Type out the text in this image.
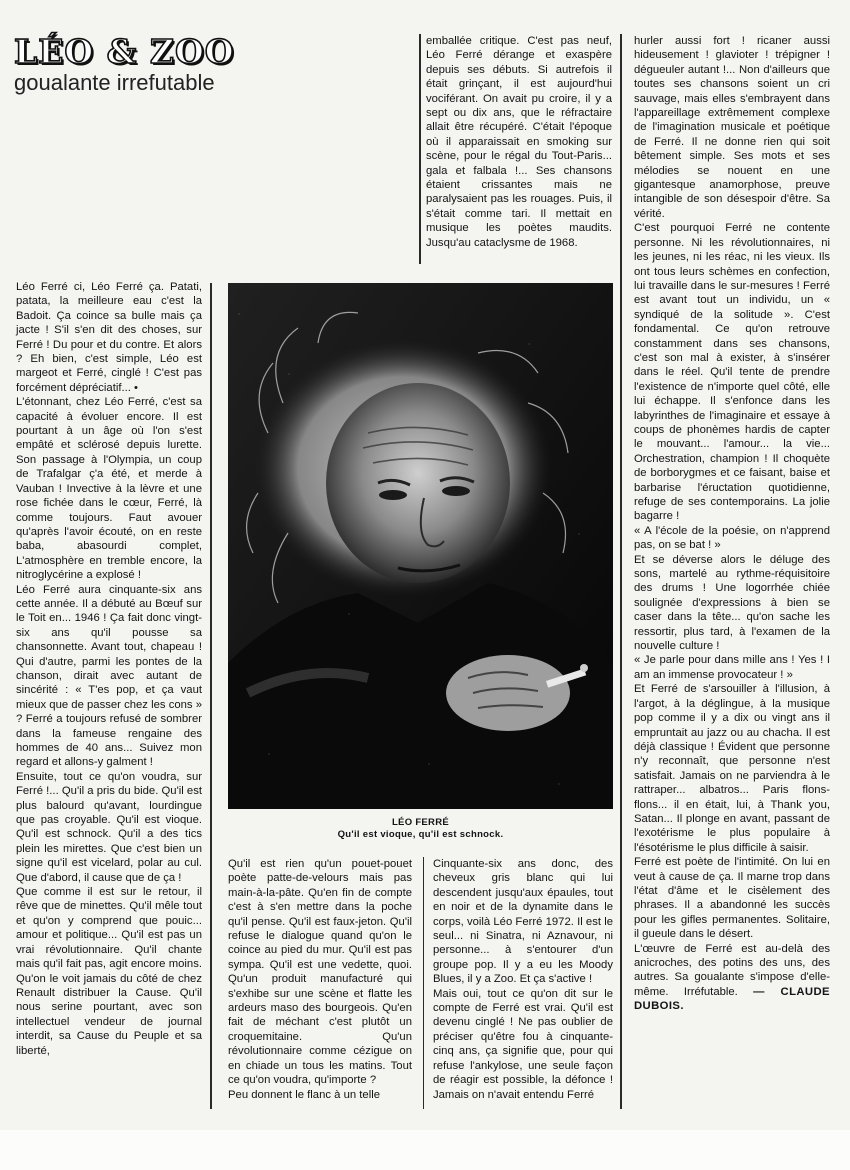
LÉO & ZOO
goualante irrefutable

emballée critique. C'est pas neuf, Léo Ferré dérange et exaspère depuis ses débuts. Si autrefois il était grinçant, il est aujourd'hui vociférant. On avait pu croire, il y a sept ou dix ans, que le réfractaire allait être récupéré. C'était l'époque où il apparaissait en smoking sur scène, pour le régal du Tout-Paris... gala et falbala !... Ses chansons étaient crissantes mais ne paralysaient pas les rouages. Puis, il s'était comme tari. Il mettait en musique les poètes maudits. Jusqu'au cataclysme de 1968.

Léo Ferré ci, Léo Ferré ça. Patati, patata, la meilleure eau c'est la Badoit. Ça coince sa bulle mais ça jacte ! S'il s'en dit des choses, sur Ferré ! Du pour et du contre. Et alors ? Eh bien, c'est simple, Léo est margeot et Ferré, cinglé ! C'est pas forcément dépréciatif... •

L'étonnant, chez Léo Ferré, c'est sa capacité à évoluer encore. Il est pourtant à un âge où l'on s'est empâté et sclérosé depuis lurette. Son passage à l'Olympia, un coup de Trafalgar ç'a été, et merde à Vauban ! Invective à la lèvre et une rose fichée dans le cœur, Ferré, là comme toujours. Faut avouer qu'après l'avoir écouté, on en reste baba, abasourdi complet, L'atmosphère en tremble encore, la nitroglycérine a explosé !

Léo Ferré aura cinquante-six ans cette année. Il a débuté au Bœuf sur le Toit en... 1946 ! Ça fait donc vingt-six ans qu'il pousse sa chansonnette. Avant tout, chapeau ! Qui d'autre, parmi les pontes de la chanson, dirait avec autant de sincérité : « T'es pop, et ça vaut mieux que de passer chez les cons » ? Ferré a toujours refusé de sombrer dans la fameuse rengaine des hommes de 40 ans... Suivez mon regard et allons-y galment !

Ensuite, tout ce qu'on voudra, sur Ferré !... Qu'il a pris du bide. Qu'il est plus balourd qu'avant, lourdingue que pas croyable. Qu'il est vioque. Qu'il est schnock. Qu'il a des tics plein les mirettes. Que c'est bien un signe qu'il est vicelard, polar au cul. Que d'abord, il cause que de ça !

Que comme il est sur le retour, il rêve que de minettes. Qu'il mêle tout et qu'on y comprend que pouic... amour et politique... Qu'il est pas un vrai révolutionnaire. Qu'il chante mais qu'il fait pas, agit encore moins. Qu'on le voit jamais du côté de chez Renault distribuer la Cause. Qu'il nous serine pourtant, avec son intellectuel vendeur de journal interdit, sa Cause du Peuple et sa liberté,

LÉO FERRÉ
Qu'il est vioque, qu'il est schnock.

Qu'il est rien qu'un pouet-pouet poète patte-de-velours mais pas main-à-la-pâte. Qu'en fin de compte c'est à s'en mettre dans la poche qu'il pense. Qu'il est faux-jeton. Qu'il refuse le dialogue quand qu'on le coince au pied du mur. Qu'il est pas sympa. Qu'il est une vedette, quoi. Qu'un produit manufacturé qui s'exhibe sur une scène et flatte les ardeurs maso des bourgeois. Qu'en fait de méchant c'est plutôt un croquemitaine. Qu'un révolutionnaire comme cézigue on en chiade un tous les matins. Tout ce qu'on voudra, qu'importe ?

Peu donnent le flanc à un telle

Cinquante-six ans donc, des cheveux gris blanc qui lui descendent jusqu'aux épaules, tout en noir et de la dynamite dans le corps, voilà Léo Ferré 1972. Il est le seul... ni Sinatra, ni Aznavour, ni personne... à s'entourer d'un groupe pop. Il y a eu les Moody Blues, il y a Zoo. Et ça s'active !

Mais oui, tout ce qu'on dit sur le compte de Ferré est vrai. Qu'il est devenu cinglé ! Ne pas oublier de préciser qu'être fou à cinquante-cinq ans, ça signifie que, pour qui refuse l'ankylose, une seule façon de réagir est possible, la défonce ! Jamais on n'avait entendu Ferré

hurler aussi fort ! ricaner aussi hideusement ! glavioter ! trépigner ! dégueuler autant !... Non d'ailleurs que toutes ses chansons soient un cri sauvage, mais elles s'embrayent dans l'appareillage extrêmement complexe de l'imagination musicale et poétique de Ferré. Il ne donne rien qui soit bêtement simple. Ses mots et ses mélodies se nouent en une gigantesque anamorphose, preuve intangible de son désespoir d'être. Sa vérité.

C'est pourquoi Ferré ne contente personne. Ni les révolutionnaires, ni les jeunes, ni les réac, ni les vieux. Ils ont tous leurs schèmes en confection, lui travaille dans le sur-mesures ! Ferré est avant tout un individu, un « syndiqué de la solitude ». C'est fondamental. Ce qu'on retrouve constamment dans ses chansons, c'est son mal à exister, à s'insérer dans le réel. Qu'il tente de prendre l'existence de n'importe quel côté, elle lui échappe. Il s'enfonce dans les labyrinthes de l'imaginaire et essaye à coups de phonèmes hardis de capter le mouvant... l'amour... la vie... Orchestration, champion ! Il choquète de borborygmes et ce faisant, baise et barbarise l'éructation quotidienne, refuge de ses contemporains. La jolie bagarre !

« A l'école de la poésie, on n'apprend pas, on se bat ! »

Et se déverse alors le déluge des sons, martelé au rythme-réquisitoire des drums ! Une logorrhée chiée soulignée d'expressions à bien se caser dans la tête... qu'on sache les ressortir, plus tard, à l'examen de la nouvelle culture !

« Je parle pour dans mille ans ! Yes ! I am an immense provocateur ! »

Et Ferré de s'arsouiller à l'illusion, à l'argot, à la déglingue, à la musique pop comme il y a dix ou vingt ans il empruntait au jazz ou au chacha. Il est déjà classique ! Évident que personne n'y reconnaît, que personne n'est satisfait. Jamais on ne parviendra à le rattraper... albatros... Paris flons-flons... il en était, lui, à Thank you, Satan... Il plonge en avant, passant de l'exotérisme le plus populaire à l'ésotérisme le plus difficile à saisir.

Ferré est poète de l'intimité. On lui en veut à cause de ça. Il marne trop dans l'état d'âme et le cisèlement des phrases. Il a abandonné les succès pour les gifles permanentes. Solitaire, il gueule dans le désert.

L'œuvre de Ferré est au-delà des anicroches, des potins des uns, des autres. Sa goualante s'impose d'elle-même. Irréfutable. — CLAUDE DUBOIS.
